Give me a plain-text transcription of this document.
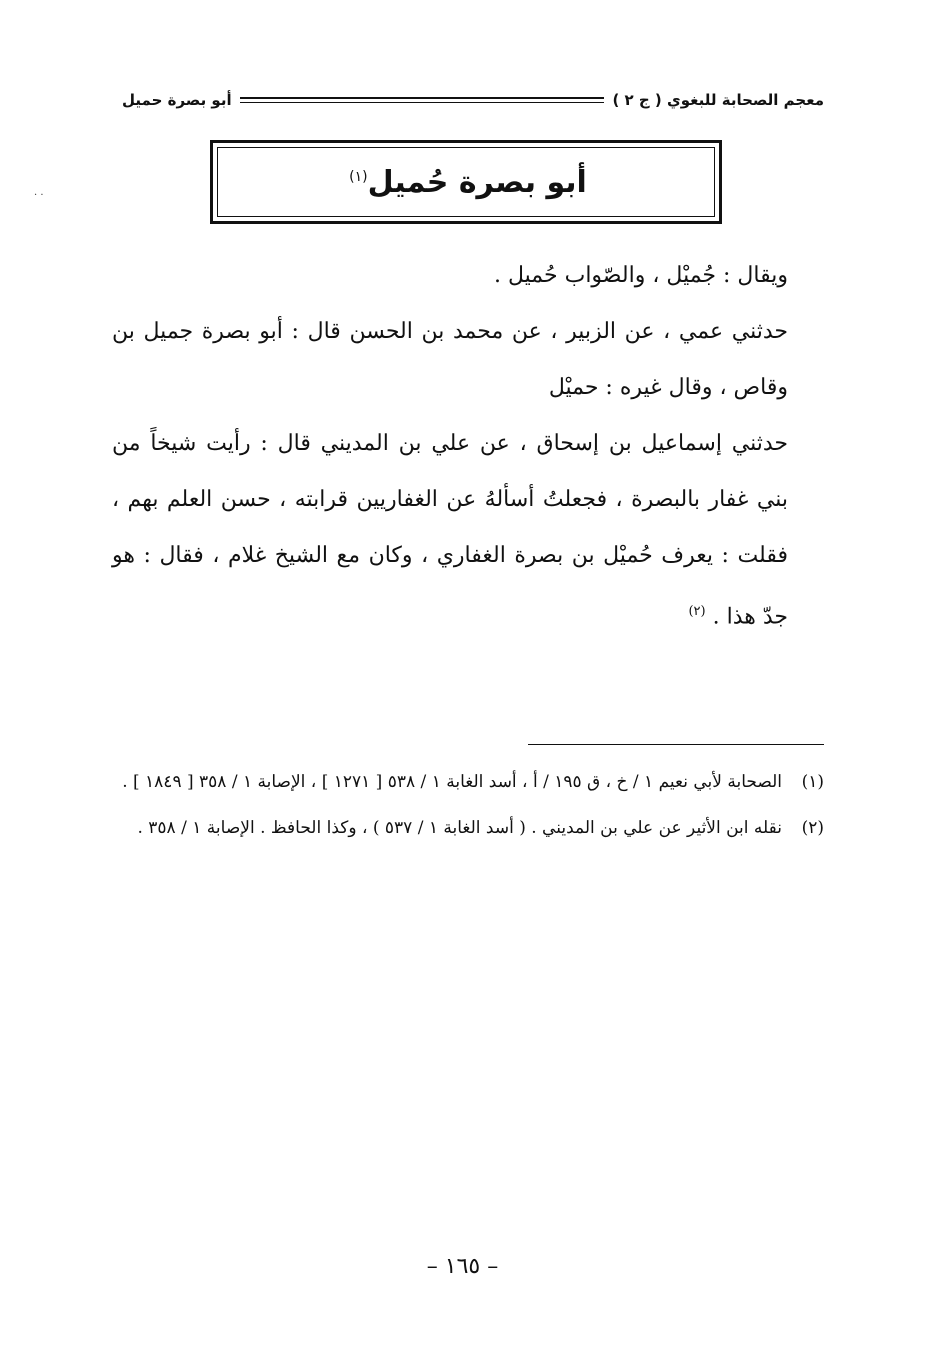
معجم الصحابة للبغوي ( ج ٢ )
أبو بصرة حميل
· ·	أبو بصرة حُميل$^{(١)}$

ويقال : جُميْل ، والصّواب حُميل .

حدثني عمي ، عن الزبير ، عن محمد بن الحسن قال : أبو بصرة جميل بن وقاص ، وقال غيره : حميْل

حدثني إسماعيل بن إسحاق ، عن علي بن المديني قال : رأيت شيخاً من بني غفار بالبصرة ، فجعلتُ أسألهُ عن الغفاريين قرابته ، حسن العلم بهم ، فقلت : يعرف حُميْل بن بصرة الغفاري ، وكان مع الشيخ غلام ، فقال : هو جدّ هذا . $^{(٢)}$

(١)
الصحابة لأبي نعيم ١ / خ ، ق ١٩٥ / أ ، أسد الغابة ١ / ٥٣٨ [ ١٢٧١ ] ، الإصابة ١ / ٣٥٨ [ ١٨٤٩ ] .
(٢)
نقله ابن الأثير عن علي بن المديني . ( أسد الغابة ١ / ٥٣٧ ) ، وكذا الحافظ . الإصابة ١ / ٣٥٨ .
– ١٦٥ –
